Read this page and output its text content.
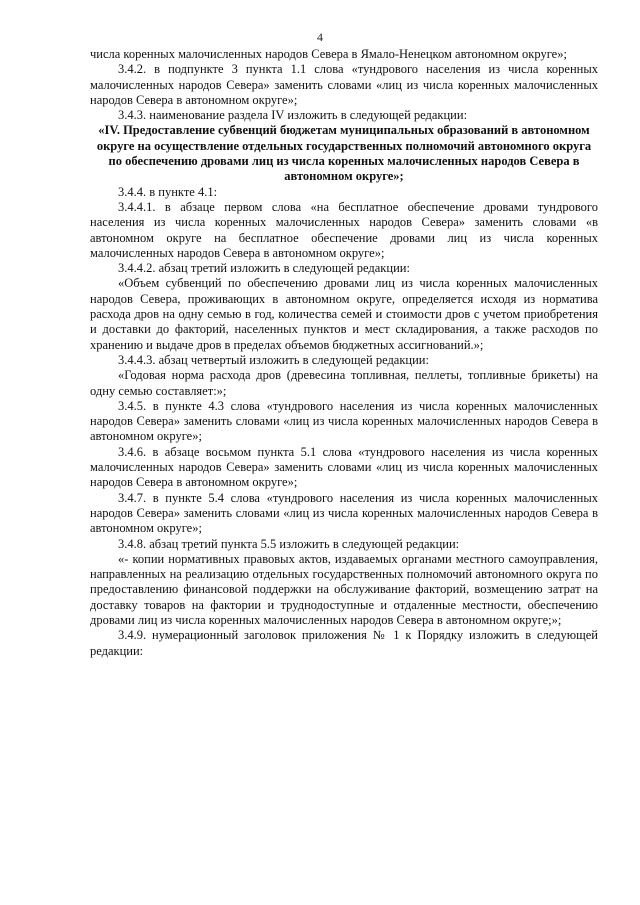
4

числа коренных малочисленных народов Севера в Ямало-Ненецком автономном округе»;

3.4.2. в подпункте 3 пункта 1.1 слова «тундрового населения из числа коренных малочисленных народов Севера» заменить словами «лиц из числа коренных малочисленных народов Севера в автономном округе»;

3.4.3. наименование раздела IV изложить в следующей редакции:

«IV. Предоставление субвенций бюджетам муниципальных образований в автономном округе на осуществление отдельных государственных полномочий автономного округа по обеспечению дровами лиц из числа коренных малочисленных народов Севера в автономном округе»;

3.4.4. в пункте 4.1:

3.4.4.1. в абзаце первом слова «на бесплатное обеспечение дровами тундрового населения из числа коренных малочисленных народов Севера» заменить словами «в автономном округе на бесплатное обеспечение дровами лиц из числа коренных малочисленных народов Севера в автономном округе»;

3.4.4.2. абзац третий изложить в следующей редакции:

«Объем субвенций по обеспечению дровами лиц из числа коренных малочисленных народов Севера, проживающих в автономном округе, определяется исходя из норматива расхода дров на одну семью в год, количества семей и стоимости дров с учетом приобретения и доставки до факторий, населенных пунктов и мест складирования, а также расходов по хранению и выдаче дров в пределах объемов бюджетных ассигнований.»;

3.4.4.3. абзац четвертый изложить в следующей редакции:

«Годовая норма расхода дров (древесина топливная, пеллеты, топливные брикеты) на одну семью составляет:»;

3.4.5. в пункте 4.3 слова «тундрового населения из числа коренных малочисленных народов Севера» заменить словами «лиц из числа коренных малочисленных народов Севера в автономном округе»;

3.4.6. в абзаце восьмом пункта 5.1 слова «тундрового населения из числа коренных малочисленных народов Севера» заменить словами «лиц из числа коренных малочисленных народов Севера в автономном округе»;

3.4.7. в пункте 5.4 слова «тундрового населения из числа коренных малочисленных народов Севера» заменить словами «лиц из числа коренных малочисленных народов Севера в автономном округе»;

3.4.8. абзац третий пункта 5.5 изложить в следующей редакции:

«- копии нормативных правовых актов, издаваемых органами местного самоуправления, направленных на реализацию отдельных государственных полномочий автономного округа по предоставлению финансовой поддержки на обслуживание факторий, возмещению затрат на доставку товаров на фактории и труднодоступные и отдаленные местности, обеспечению дровами лиц из числа коренных малочисленных народов Севера в автономном округе;»;

3.4.9. нумерационный заголовок приложения № 1 к Порядку изложить в следующей редакции:
